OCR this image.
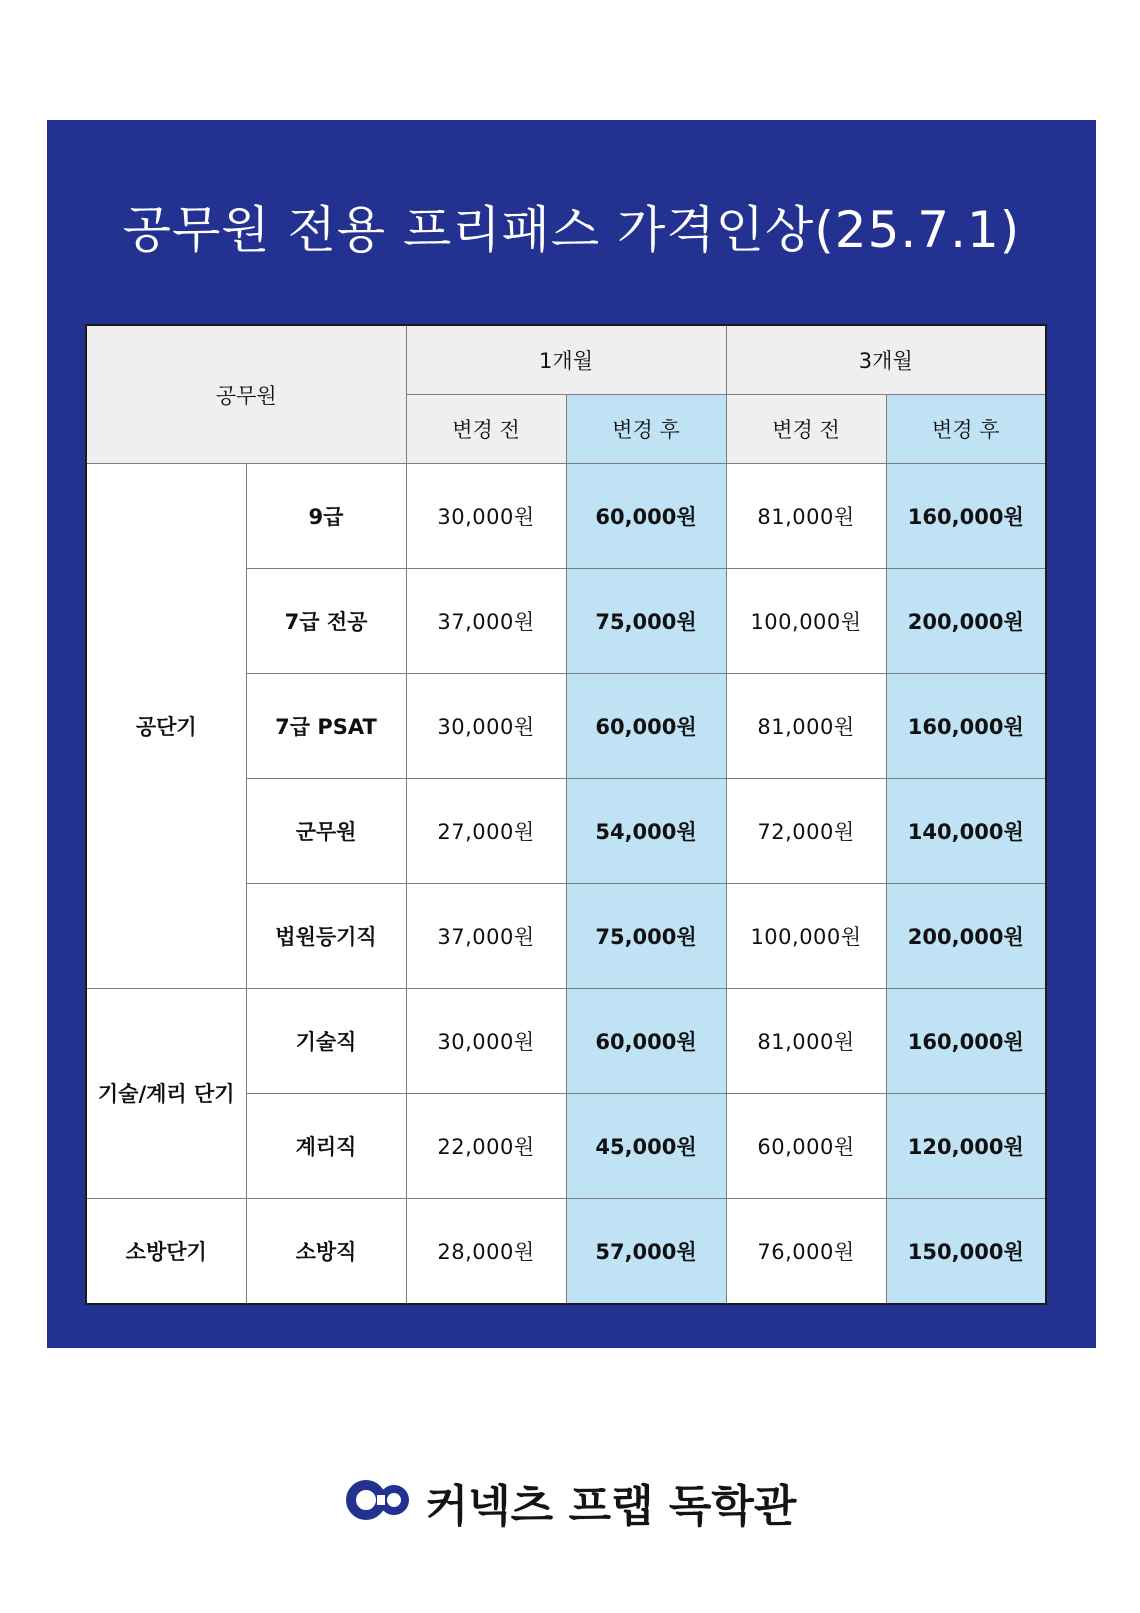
공무원 전용 프리패스 가격인상(25.7.1)
공무원		1개월		3개월	
		변경 전	변경 후	변경 전	변경 후
공단기	9급	30,000원	60,000원	81,000원	160,000원
	7급 전공	37,000원	75,000원	100,000원	200,000원
	7급 PSAT	30,000원	60,000원	81,000원	160,000원
	군무원	27,000원	54,000원	72,000원	140,000원
	법원등기직	37,000원	75,000원	100,000원	200,000원
기술/계리 단기	기술직	30,000원	60,000원	81,000원	160,000원
	계리직	22,000원	45,000원	60,000원	120,000원
소방단기	소방직	28,000원	57,000원	76,000원	150,000원
커넥츠 프랩 독학관
